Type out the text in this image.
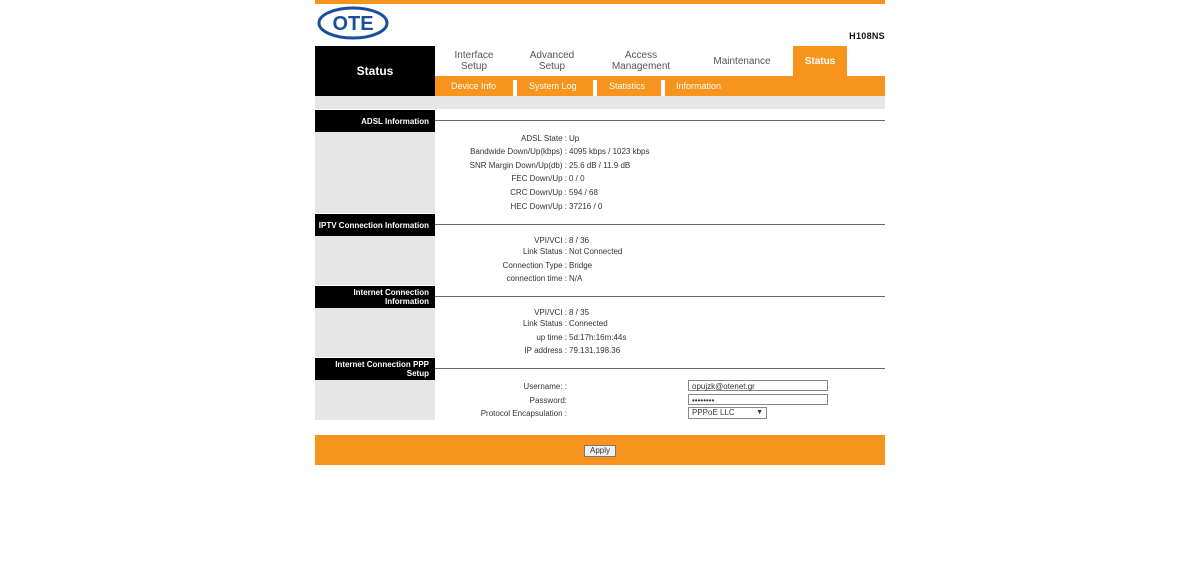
OTE
H108NS
Status
Interface Setup
Advanced Setup
Access Management	Maintenance	Status
Device Info	System Log	Statistics	Information
ADSL Information
ADSL State : Up
Bandwide Down/Up(kbps) : 4095 kbps / 1023 kbps
SNR Margin Down/Up(db) : 25.6 dB / 11.9 dB
FEC Down/Up : 0 / 0
CRC Down/Up : 594 / 68
HEC Down/Up : 37216 / 0
IPTV Connection Information
VPI/VCI : 8 / 36
Link Status : Not Connected
Connection Type : Bridge
connection time : N/A
Internet Connection Information
VPI/VCI : 8 / 35
Link Status : Connected
up time : 5d:17h:16m:44s
IP address : 79.131.198.36
Internet Connection PPP Setup
Username: :	opujzk@otenet.gr
Password:	••••••••
Protocol Encapsulation :	PPPoE LLC	▼
Apply
